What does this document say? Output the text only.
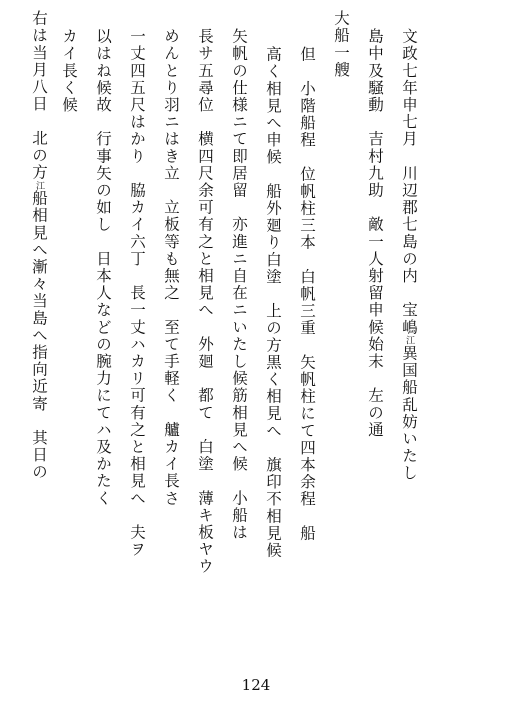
文政七年申七月　川辺郡七島の内　宝嶋江異国船乱妨いたし
島中及騒動　吉村九助　敵一人射留申候始末　左の通
大船一艘
但　小階船程　位帆柱三本　白帆三重　矢帆柱にて四本余程　船
高く相見へ申候　船外廻り白塗　上の方黒く相見へ　旗印不相見候
矢帆の仕様ニて即居留　亦進ニ自在ニいたし候筋相見へ候　小船は
長サ五尋位　横四尺余可有之と相見へ　外廻　都て　白塗　薄キ板ヤウ
めんとり羽ニはき立　立板等も無之　至て手軽く　艫カイ長さ
一丈四五尺はかり　脇カイ六丁　長一丈ハカリ可有之と相見へ　夫ヲ
以はね候故　行事矢の如し　日本人などの腕力にてハ及かたく
カイ長く候
右は当月八日　北の方江船相見へ漸々当島へ指向近寄　其日の
124
